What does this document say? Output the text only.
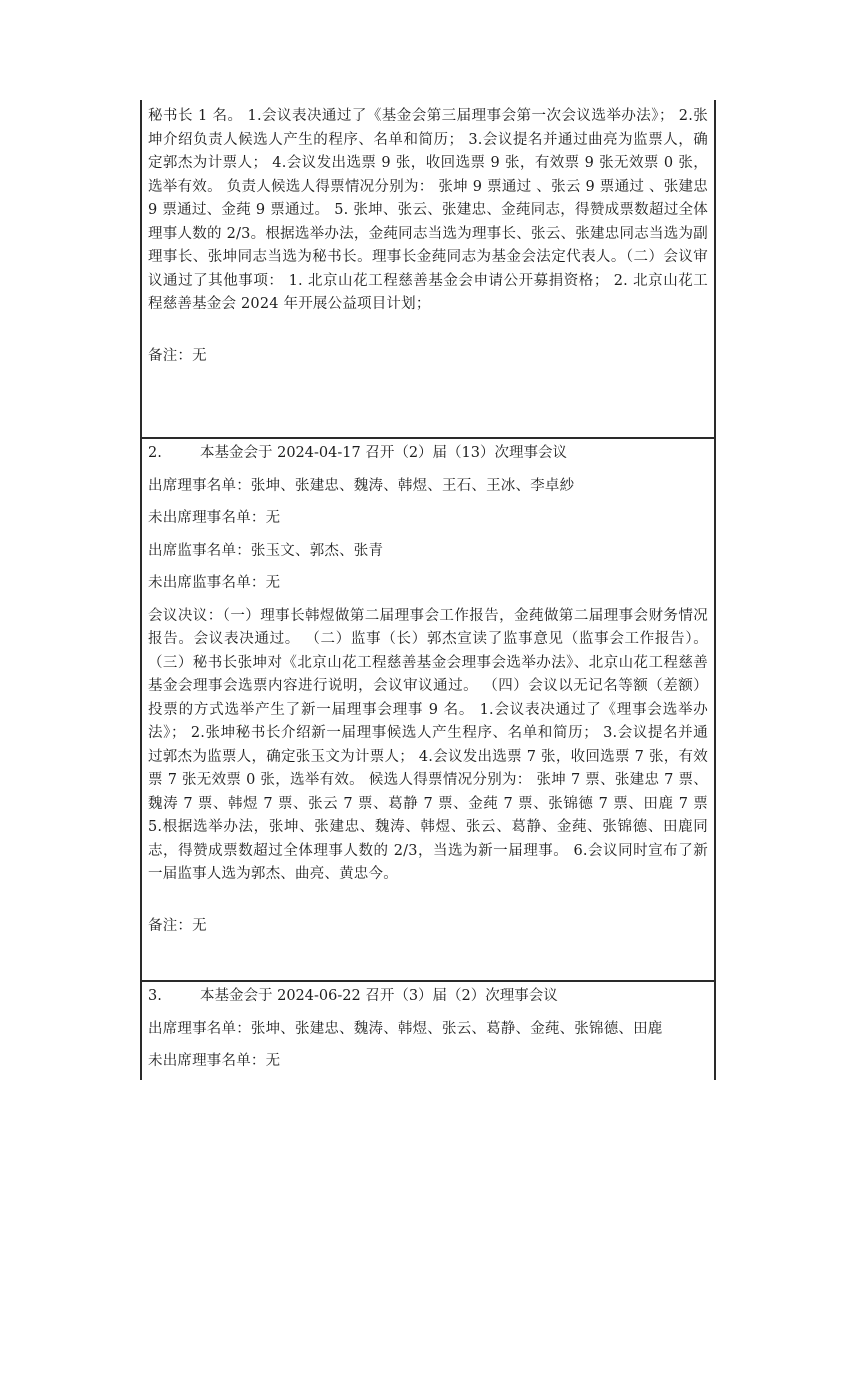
秘书长 1 名。 1.会议表决通过了《基金会第三届理事会第一次会议选举办法》； 2.张坤介绍负责人候选人产生的程序、名单和简历； 3.会议提名并通过曲亮为监票人，确定郭杰为计票人； 4.会议发出选票 9 张，收回选票 9 张，有效票 9 张无效票 0 张，选举有效。 负责人候选人得票情况分别为： 张坤 9 票通过 、张云 9 票通过 、张建忠 9 票通过、金莼 9 票通过。 5. 张坤、张云、张建忠、金莼同志，得赞成票数超过全体理事人数的 2/3。根据选举办法，金莼同志当选为理事长、张云、张建忠同志当选为副理事长、张坤同志当选为秘书长。理事长金莼同志为基金会法定代表人。（二）会议审议通过了其他事项： 1. 北京山花工程慈善基金会申请公开募捐资格； 2. 北京山花工程慈善基金会 2024 年开展公益项目计划；

备注：无

2.	本基金会于 2024-04-17 召开（2）届（13）次理事会议

出席理事名单：张坤、张建忠、魏涛、韩煜、王石、王冰、李卓紗

未出席理事名单：无

出席监事名单：张玉文、郭杰、张青

未出席监事名单：无

会议决议：（一）理事长韩煜做第二届理事会工作报告，金莼做第二届理事会财务情况报告。会议表决通过。 （二）监事（长）郭杰宣读了监事意见（监事会工作报告）。 （三）秘书长张坤对《北京山花工程慈善基金会理事会选举办法》、北京山花工程慈善基金会理事会选票内容进行说明，会议审议通过。 （四）会议以无记名等额（差额）投票的方式选举产生了新一届理事会理事 9 名。 1.会议表决通过了《理事会选举办法》； 2.张坤秘书长介绍新一届理事候选人产生程序、名单和简历； 3.会议提名并通过郭杰为监票人，确定张玉文为计票人； 4.会议发出选票 7 张，收回选票 7 张，有效票 7 张无效票 0 张，选举有效。 候选人得票情况分别为： 张坤 7 票、张建忠 7 票、魏涛 7 票、韩煜 7 票、张云 7 票、葛静 7 票、金莼 7 票、张锦德 7 票、田鹿 7 票 5.根据选举办法，张坤、张建忠、魏涛、韩煜、张云、葛静、金莼、张锦德、田鹿同志，得赞成票数超过全体理事人数的 2/3，当选为新一届理事。 6.会议同时宣布了新一届监事人选为郭杰、曲亮、黄忠今。

备注：无

3.	本基金会于 2024-06-22 召开（3）届（2）次理事会议

出席理事名单：张坤、张建忠、魏涛、韩煜、张云、葛静、金莼、张锦德、田鹿

未出席理事名单：无
